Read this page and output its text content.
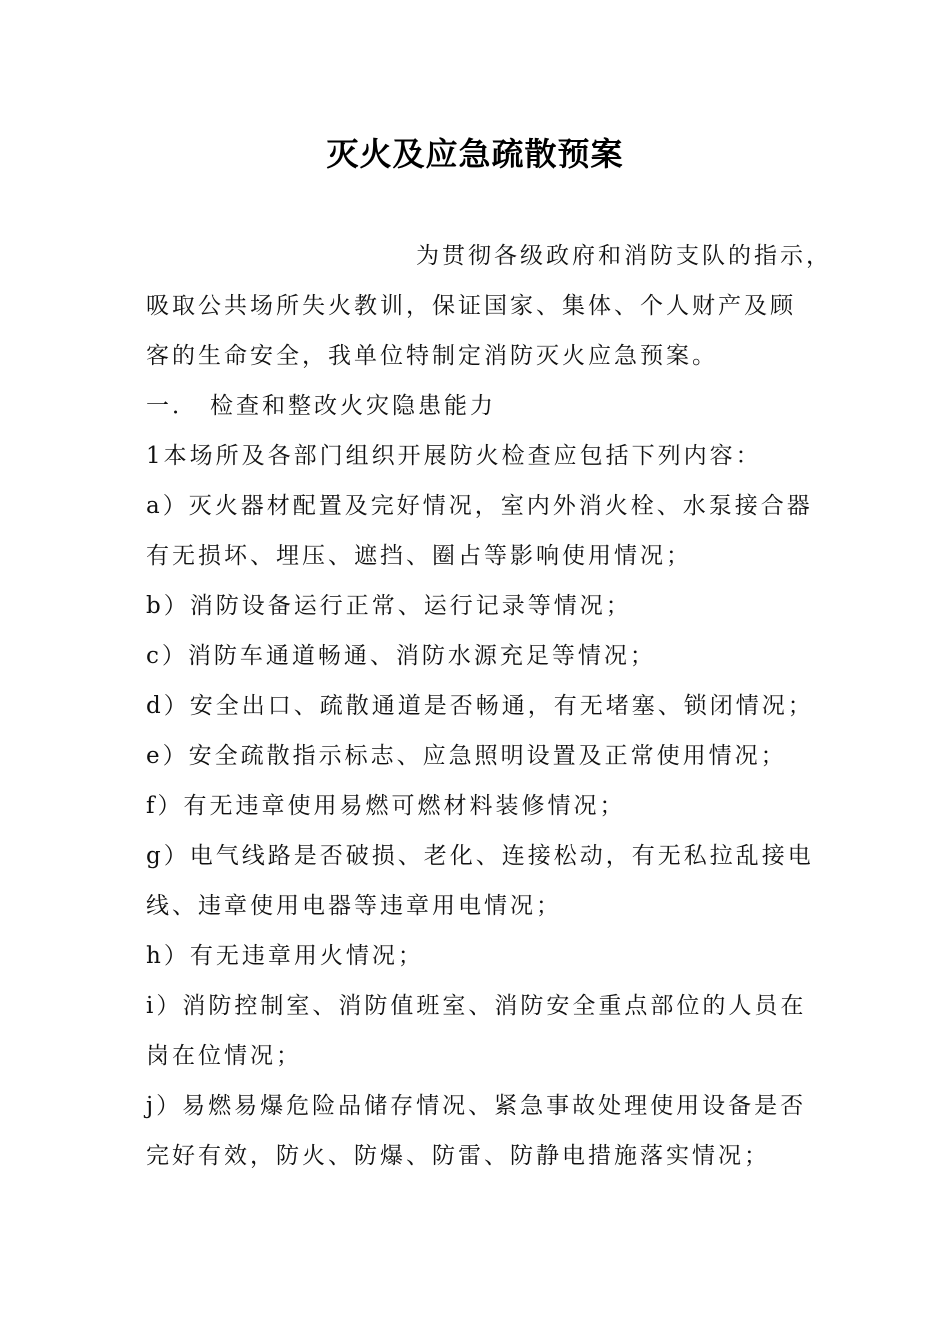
灭火及应急疏散预案
为贯彻各级政府和消防支队的指示，
吸取公共场所失火教训，保证国家、集体、个人财产及顾
客的生命安全，我单位特制定消防灭火应急预案。
一． 检查和整改火灾隐患能力
1本场所及各部门组织开展防火检查应包括下列内容：
a）灭火器材配置及完好情况，室内外消火栓、水泵接合器
有无损坏、埋压、遮挡、圈占等影响使用情况；
b）消防设备运行正常、运行记录等情况；
c）消防车通道畅通、消防水源充足等情况；
d）安全出口、疏散通道是否畅通，有无堵塞、锁闭情况；
e）安全疏散指示标志、应急照明设置及正常使用情况；
f）有无违章使用易燃可燃材料装修情况；
g）电气线路是否破损、老化、连接松动，有无私拉乱接电
线、违章使用电器等违章用电情况；
h）有无违章用火情况；
i）消防控制室、消防值班室、消防安全重点部位的人员在
岗在位情况；
j）易燃易爆危险品储存情况、紧急事故处理使用设备是否
完好有效，防火、防爆、防雷、防静电措施落实情况；
